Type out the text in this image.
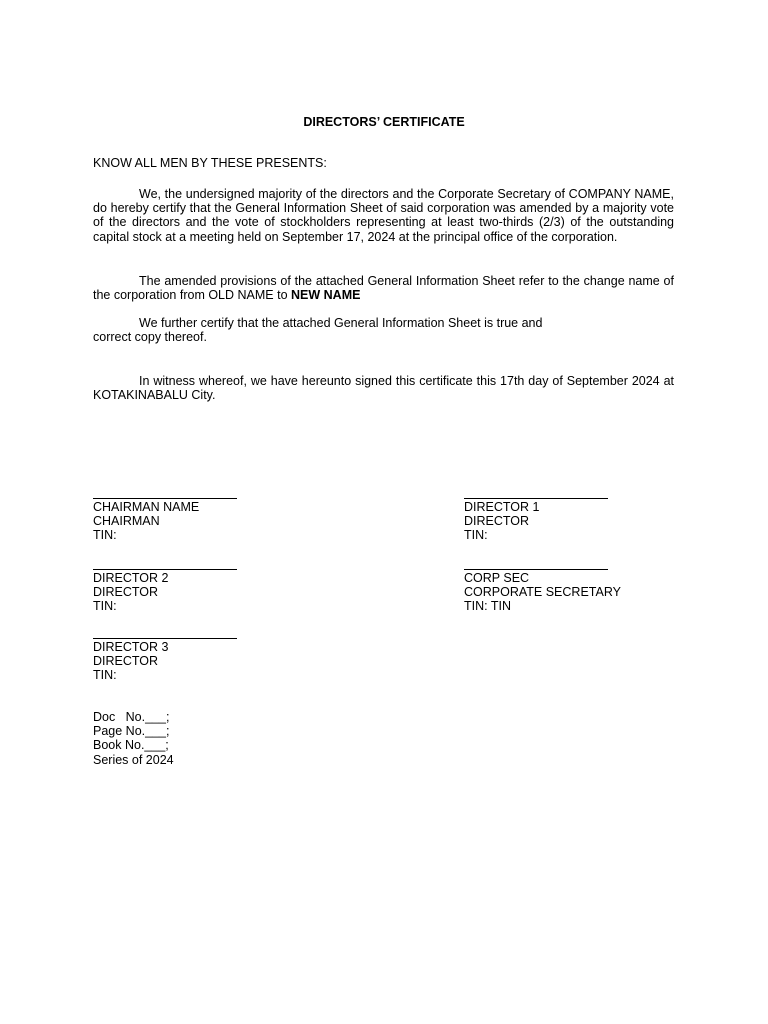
DIRECTORS’ CERTIFICATE
KNOW ALL MEN BY THESE PRESENTS:
We, the undersigned majority of the directors and the Corporate Secretary of COMPANY NAME, do hereby certify that the General Information Sheet of said corporation was amended by a majority vote of the directors and the vote of stockholders representing at least two-thirds (2/3) of the outstanding capital stock at a meeting held on September 17, 2024 at the principal office of the corporation.
The amended provisions of the attached General Information Sheet refer to the change name of the corporation from OLD NAME to NEW NAME
We further certify that the attached General Information Sheet is true and
correct copy thereof.
In witness whereof, we have hereunto signed this certificate this 17th day of September 2024 at KOTAKINABALU City.
CHAIRMAN NAME
CHAIRMAN
TIN:
DIRECTOR 1
DIRECTOR
TIN:
DIRECTOR 2
DIRECTOR
TIN:
CORP SEC
CORPORATE SECRETARY
TIN: TIN
DIRECTOR 3
DIRECTOR
TIN:
Doc   No.___;
Page No.___;
Book No.___;
Series of 2024
